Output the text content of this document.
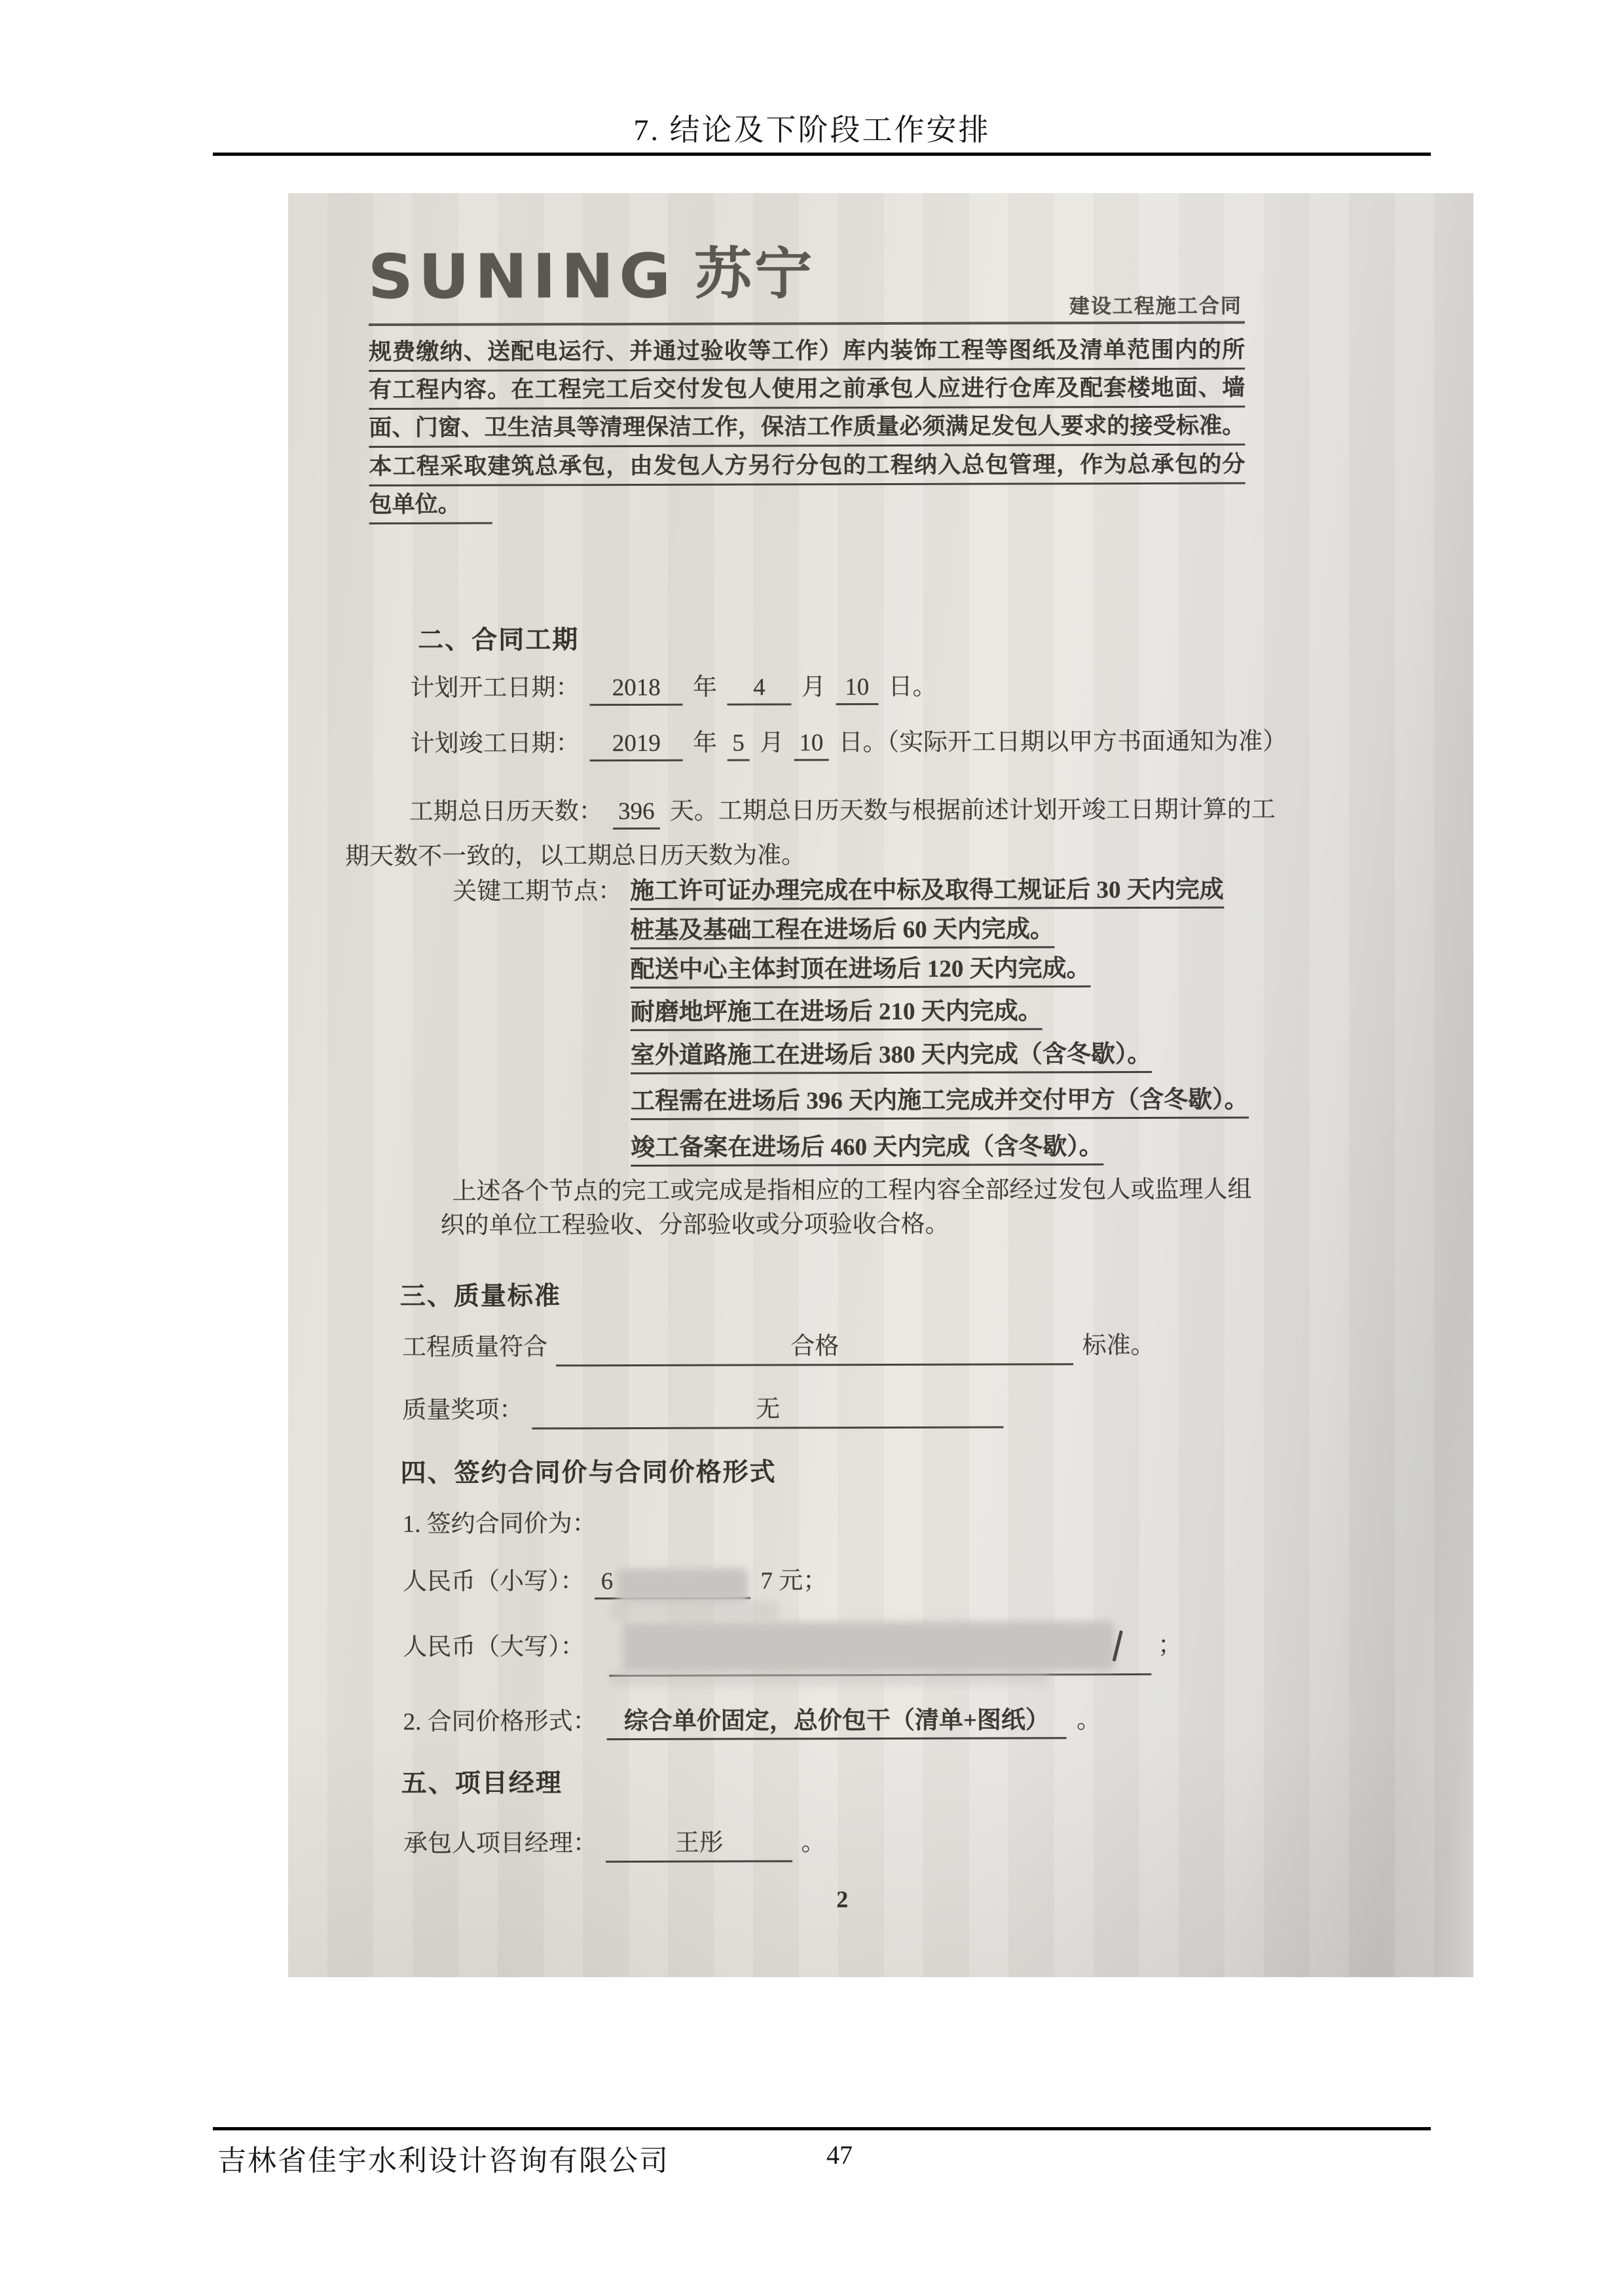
7. 结论及下阶段工作安排
SUNING 苏宁	建设工程施工合同
规费缴纳、送配电运行、并通过验收等工作）库内装饰工程等图纸及清单范围内的所
有工程内容。在工程完工后交付发包人使用之前承包人应进行仓库及配套楼地面、墙
面、门窗、卫生洁具等清理保洁工作，保洁工作质量必须满足发包人要求的接受标准。
本工程采取建筑总承包，由发包人方另行分包的工程纳入总包管理，作为总承包的分
包单位。
二、合同工期
计划开工日期： 2018 年 4 月 10 日。
计划竣工日期： 2019 年 5 月 10 日。（实际开工日期以甲方书面通知为准）
工期总日历天数： 396 天。工期总日历天数与根据前述计划开竣工日期计算的工
期天数不一致的，以工期总日历天数为准。
关键工期节点： 施工许可证办理完成在中标及取得工规证后 30 天内完成
桩基及基础工程在进场后 60 天内完成。
配送中心主体封顶在进场后 120 天内完成。
耐磨地坪施工在进场后 210 天内完成。
室外道路施工在进场后 380 天内完成（含冬歇）。
工程需在进场后 396 天内施工完成并交付甲方（含冬歇）。
竣工备案在进场后 460 天内完成（含冬歇）。
上述各个节点的完工或完成是指相应的工程内容全部经过发包人或监理人组
织的单位工程验收、分部验收或分项验收合格。
三、质量标准
工程质量符合	合格	标准。
质量奖项：	无
四、签约合同价与合同价格形式
1. 签约合同价为：
人民币（小写）： 6	7 元；
人民币（大写）：	；
2. 合同价格形式： 综合单价固定，总价包干（清单+图纸） 。
五、项目经理
承包人项目经理：	王彤	。
2
吉林省佳宇水利设计咨询有限公司	47
